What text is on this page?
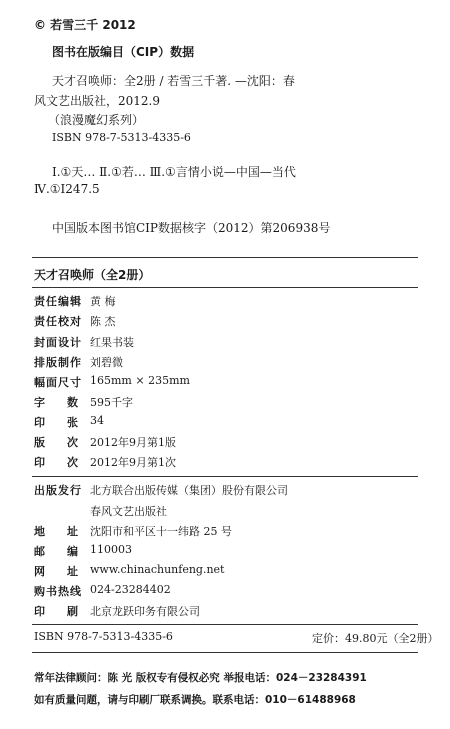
© 若雪三千 2012
图书在版编目（CIP）数据
天才召唤师：全2册 / 若雪三千著. —沈阳：春
风文艺出版社，2012.9
（浪漫魔幻系列）
ISBN 978-7-5313-4335-6
Ⅰ.①天… Ⅱ.①若… Ⅲ.①言情小说—中国—当代
Ⅳ.①I247.5
中国版本图书馆CIP数据核字（2012）第206938号
天才召唤师（全2册）
责任编辑 黄 梅
责任校对 陈 杰
封面设计 红果书装
排版制作 刘碧微
幅面尺寸 165mm × 235mm
字 数 595千字
印 张 34
版 次 2012年9月第1版
印 次 2012年9月第1次
出版发行 北方联合出版传媒（集团）股份有限公司
春风文艺出版社
地 址 沈阳市和平区十一纬路 25 号
邮 编 110003
网 址 www.chinachunfeng.net
购书热线 024-23284402
印 刷 北京龙跃印务有限公司
ISBN 978-7-5313-4335-6	定价：49.80元（全2册）
常年法律顾问：陈 光 版权专有侵权必究 举报电话：024－23284391
如有质量问题，请与印刷厂联系调换。联系电话：010－61488968
